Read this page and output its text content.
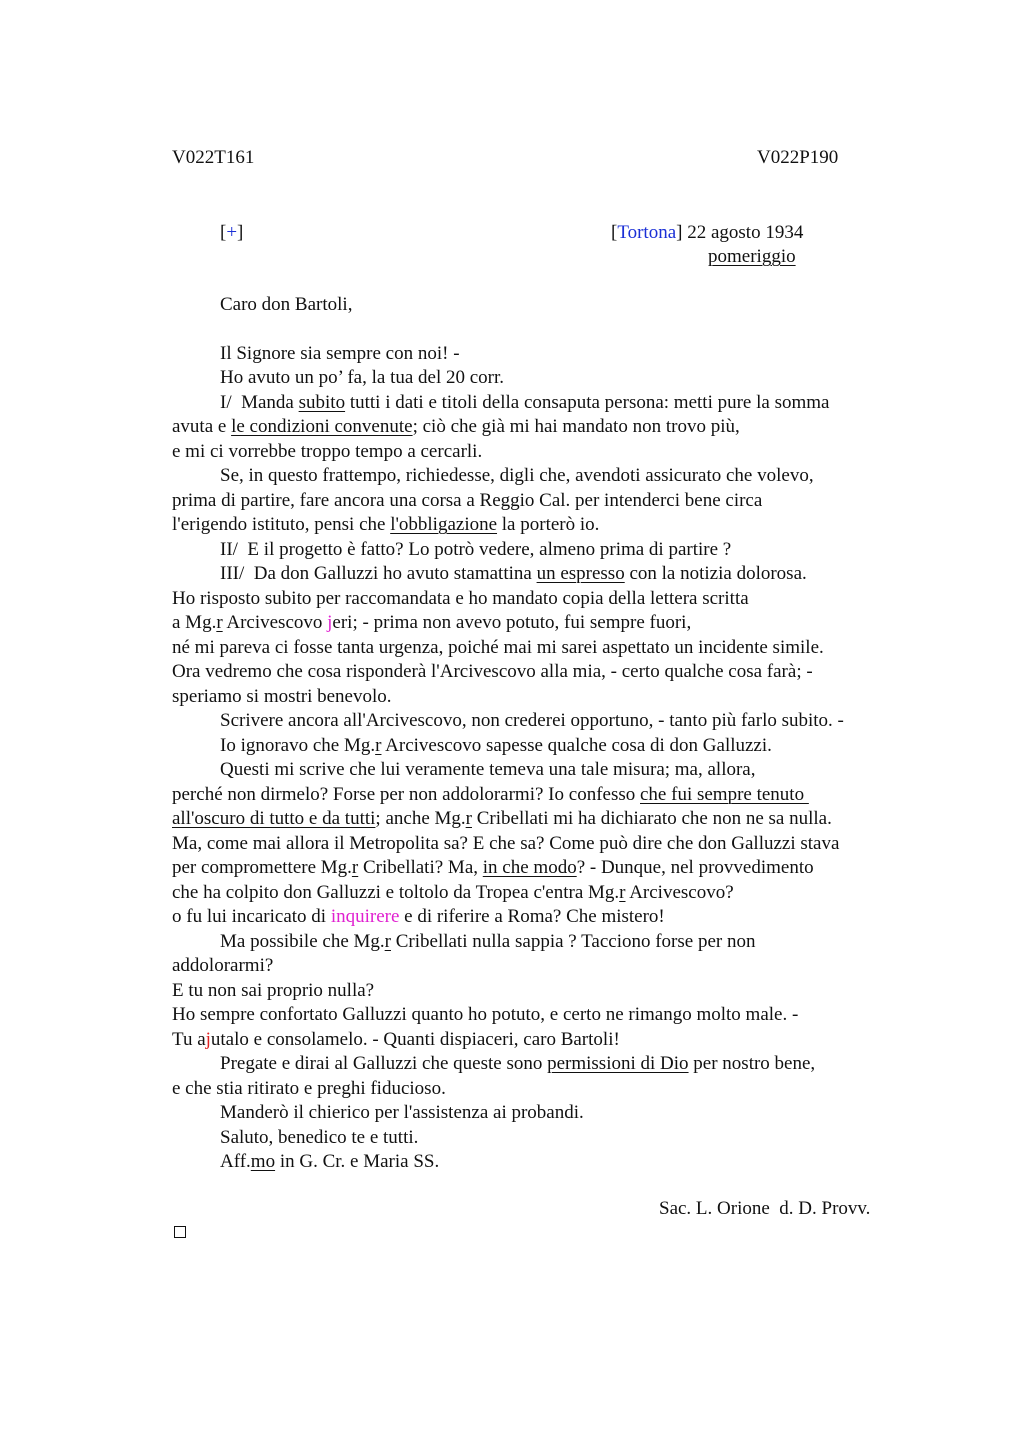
V022T161	V022P190
[+]	[Tortona] 22 agosto 1934
pomeriggio
Caro don Bartoli,
Il Signore sia sempre con noi! -
Ho avuto un po’ fa, la tua del 20 corr.
I/  Manda subito tutti i dati e titoli della consaputa persona: metti pure la somma
avuta e le condizioni convenute; ciò che già mi hai mandato non trovo più,
e mi ci vorrebbe troppo tempo a cercarli.
Se, in questo frattempo, richiedesse, digli che, avendoti assicurato che volevo,
prima di partire, fare ancora una corsa a Reggio Cal. per intenderci bene circa
l'erigendo istituto, pensi che l'obbligazione la porterò io.
II/  E il progetto è fatto? Lo potrò vedere, almeno prima di partire ?
III/  Da don Galluzzi ho avuto stamattina un espresso con la notizia dolorosa.
Ho risposto subito per raccomandata e ho mandato copia della lettera scritta
a Mg.r Arcivescovo jeri; - prima non avevo potuto, fui sempre fuori,
né mi pareva ci fosse tanta urgenza, poiché mai mi sarei aspettato un incidente simile.
Ora vedremo che cosa risponderà l'Arcivescovo alla mia, - certo qualche cosa farà; -
speriamo si mostri benevolo.
Scrivere ancora all'Arcivescovo, non crederei opportuno, - tanto più farlo subito. -
Io ignoravo che Mg.r Arcivescovo sapesse qualche cosa di don Galluzzi.
Questi mi scrive che lui veramente temeva una tale misura; ma, allora,
perché non dirmelo? Forse per non addolorarmi? Io confesso che fui sempre tenuto
all'oscuro di tutto e da tutti; anche Mg.r Cribellati mi ha dichiarato che non ne sa nulla.
Ma, come mai allora il Metropolita sa? E che sa? Come può dire che don Galluzzi stava
per compromettere Mg.r Cribellati? Ma, in che modo? - Dunque, nel provvedimento
che ha colpito don Galluzzi e toltolo da Tropea c'entra Mg.r Arcivescovo?
o fu lui incaricato di inquirere e di riferire a Roma? Che mistero!
Ma possibile che Mg.r Cribellati nulla sappia ? Tacciono forse per non
addolorarmi?
E tu non sai proprio nulla?
Ho sempre confortato Galluzzi quanto ho potuto, e certo ne rimango molto male. -
Tu ajutalo e consolamelo. - Quanti dispiaceri, caro Bartoli!
Pregate e dirai al Galluzzi che queste sono permissioni di Dio per nostro bene,
e che stia ritirato e preghi fiducioso.
Manderò il chierico per l'assistenza ai probandi.
Saluto, benedico te e tutti.
Aff.mo in G. Cr. e Maria SS.
Sac. L. Orione  d. D. Provv.
